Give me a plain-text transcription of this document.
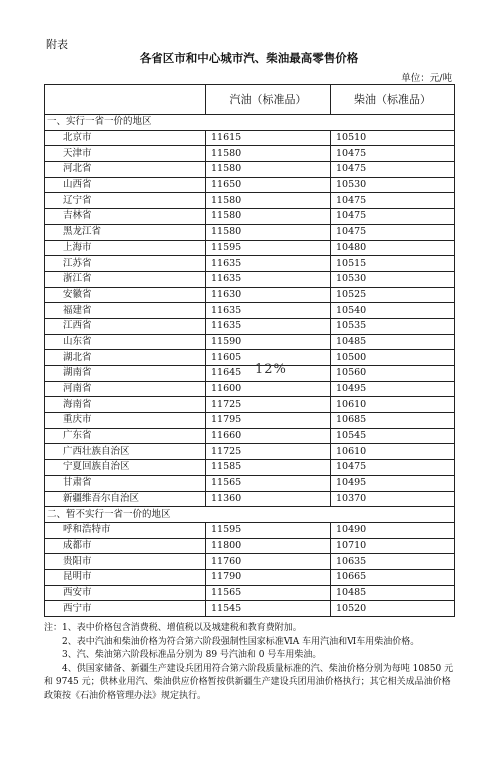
附表
各省区市和中心城市汽、柴油最高零售价格
单位：元/吨
	汽油（标准品）	柴油（标准品）
一、实行一省一价的地区		
北京市	11615	10510
天津市	11580	10475
河北省	11580	10475
山西省	11650	10530
辽宁省	11580	10475
吉林省	11580	10475
黑龙江省	11580	10475
上海市	11595	10480
江苏省	11635	10515
浙江省	11635	10530
安徽省	11630	10525
福建省	11635	10540
江西省	11635	10535
山东省	11590	10485
湖北省	11605	10500
湖南省	11645	10560
河南省	11600	10495
海南省	11725	10610
重庆市	11795	10685
广东省	11660	10545
广西壮族自治区	11725	10610
宁夏回族自治区	11585	10475
甘肃省	11565	10495
新疆维吾尔自治区	11360	10370
二、暂不实行一省一价的地区		
呼和浩特市	11595	10490
成都市	11800	10710
贵阳市	11760	10635
昆明市	11790	10665
西安市	11565	10485
西宁市	11545	10520
12%

注：1、表中价格包含消费税、增值税以及城建税和教育费附加。

2、表中汽油和柴油价格为符合第六阶段强制性国家标准ⅥA 车用汽油和Ⅵ车用柴油价格。

3、汽、柴油第六阶段标准品分别为 89 号汽油和 0 号车用柴油。

4、供国家储备、新疆生产建设兵团用符合第六阶段质量标准的汽、柴油价格分别为每吨 10850 元和 9745 元；供林业用汽、柴油供应价格暂按供新疆生产建设兵团用油价格执行；其它相关成品油价格政策按《石油价格管理办法》规定执行。
